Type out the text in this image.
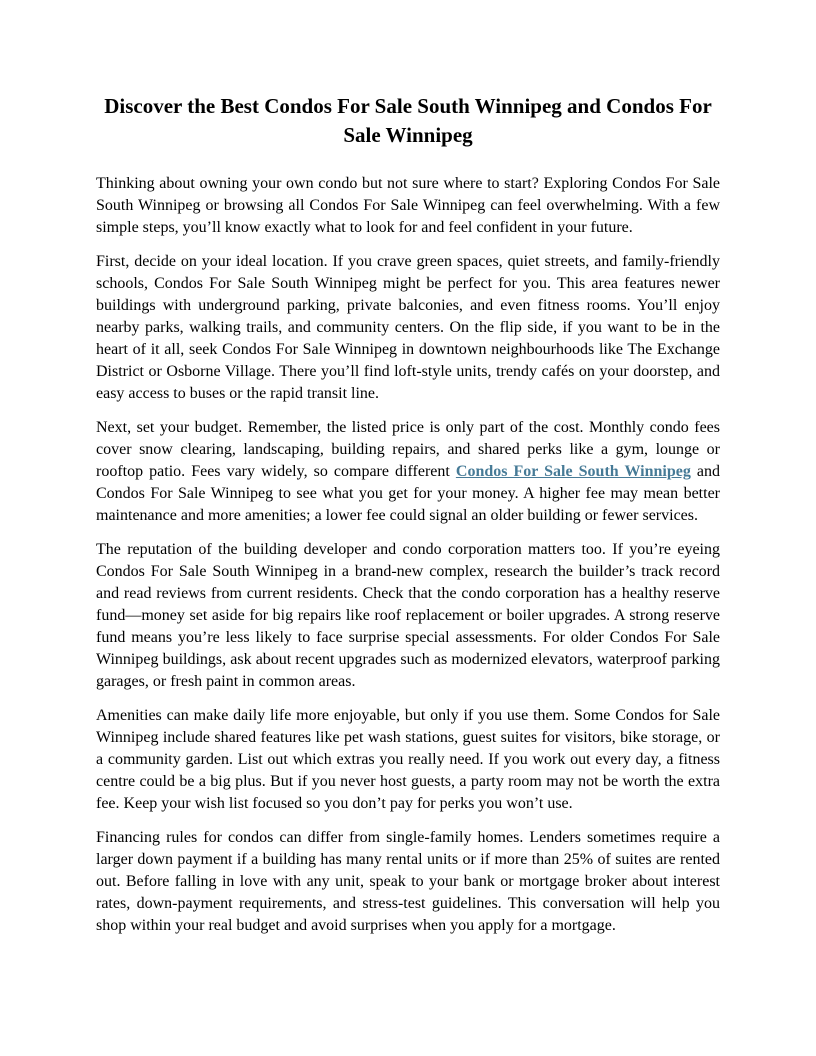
Discover the Best Condos For Sale South Winnipeg and Condos For Sale Winnipeg

Thinking about owning your own condo but not sure where to start? Exploring Condos For Sale South Winnipeg or browsing all Condos For Sale Winnipeg can feel overwhelming. With a few simple steps, you’ll know exactly what to look for and feel confident in your future.

First, decide on your ideal location. If you crave green spaces, quiet streets, and family-friendly schools, Condos For Sale South Winnipeg might be perfect for you. This area features newer buildings with underground parking, private balconies, and even fitness rooms. You’ll enjoy nearby parks, walking trails, and community centers. On the flip side, if you want to be in the heart of it all, seek Condos For Sale Winnipeg in downtown neighbourhoods like The Exchange District or Osborne Village. There you’ll find loft-style units, trendy cafés on your doorstep, and easy access to buses or the rapid transit line.

Next, set your budget. Remember, the listed price is only part of the cost. Monthly condo fees cover snow clearing, landscaping, building repairs, and shared perks like a gym, lounge or rooftop patio. Fees vary widely, so compare different Condos For Sale South Winnipeg and Condos For Sale Winnipeg to see what you get for your money. A higher fee may mean better maintenance and more amenities; a lower fee could signal an older building or fewer services.

The reputation of the building developer and condo corporation matters too. If you’re eyeing Condos For Sale South Winnipeg in a brand-new complex, research the builder’s track record and read reviews from current residents. Check that the condo corporation has a healthy reserve fund—money set aside for big repairs like roof replacement or boiler upgrades. A strong reserve fund means you’re less likely to face surprise special assessments. For older Condos For Sale Winnipeg buildings, ask about recent upgrades such as modernized elevators, waterproof parking garages, or fresh paint in common areas.

Amenities can make daily life more enjoyable, but only if you use them. Some Condos for Sale Winnipeg include shared features like pet wash stations, guest suites for visitors, bike storage, or a community garden. List out which extras you really need. If you work out every day, a fitness centre could be a big plus. But if you never host guests, a party room may not be worth the extra fee. Keep your wish list focused so you don’t pay for perks you won’t use.

Financing rules for condos can differ from single-family homes. Lenders sometimes require a larger down payment if a building has many rental units or if more than 25% of suites are rented out. Before falling in love with any unit, speak to your bank or mortgage broker about interest rates, down-payment requirements, and stress-test guidelines. This conversation will help you shop within your real budget and avoid surprises when you apply for a mortgage.
